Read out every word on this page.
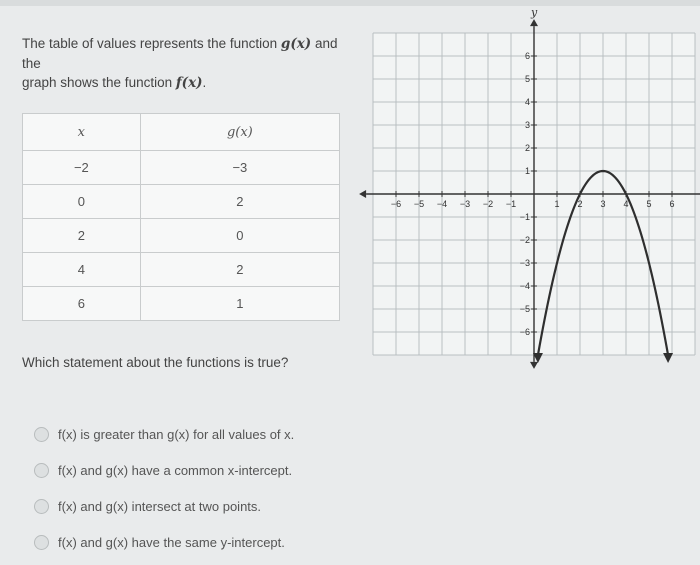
The table of values represents the function g(x) and the
graph shows the function f(x).
x	g(x)
−2	−3
0	2
2	0
4	2
6	1
Which statement about the functions is true?
f(x) is greater than g(x) for all values of x.
f(x) and g(x) have a common x-intercept.
f(x) and g(x) intersect at two points.
f(x) and g(x) have the same y-intercept.
y
−6 −5 −4 −3 −2 −1	1 2 3 4 5 6
6
5
4
3
2
1
−1
−2
−3
−4
−5
−6
